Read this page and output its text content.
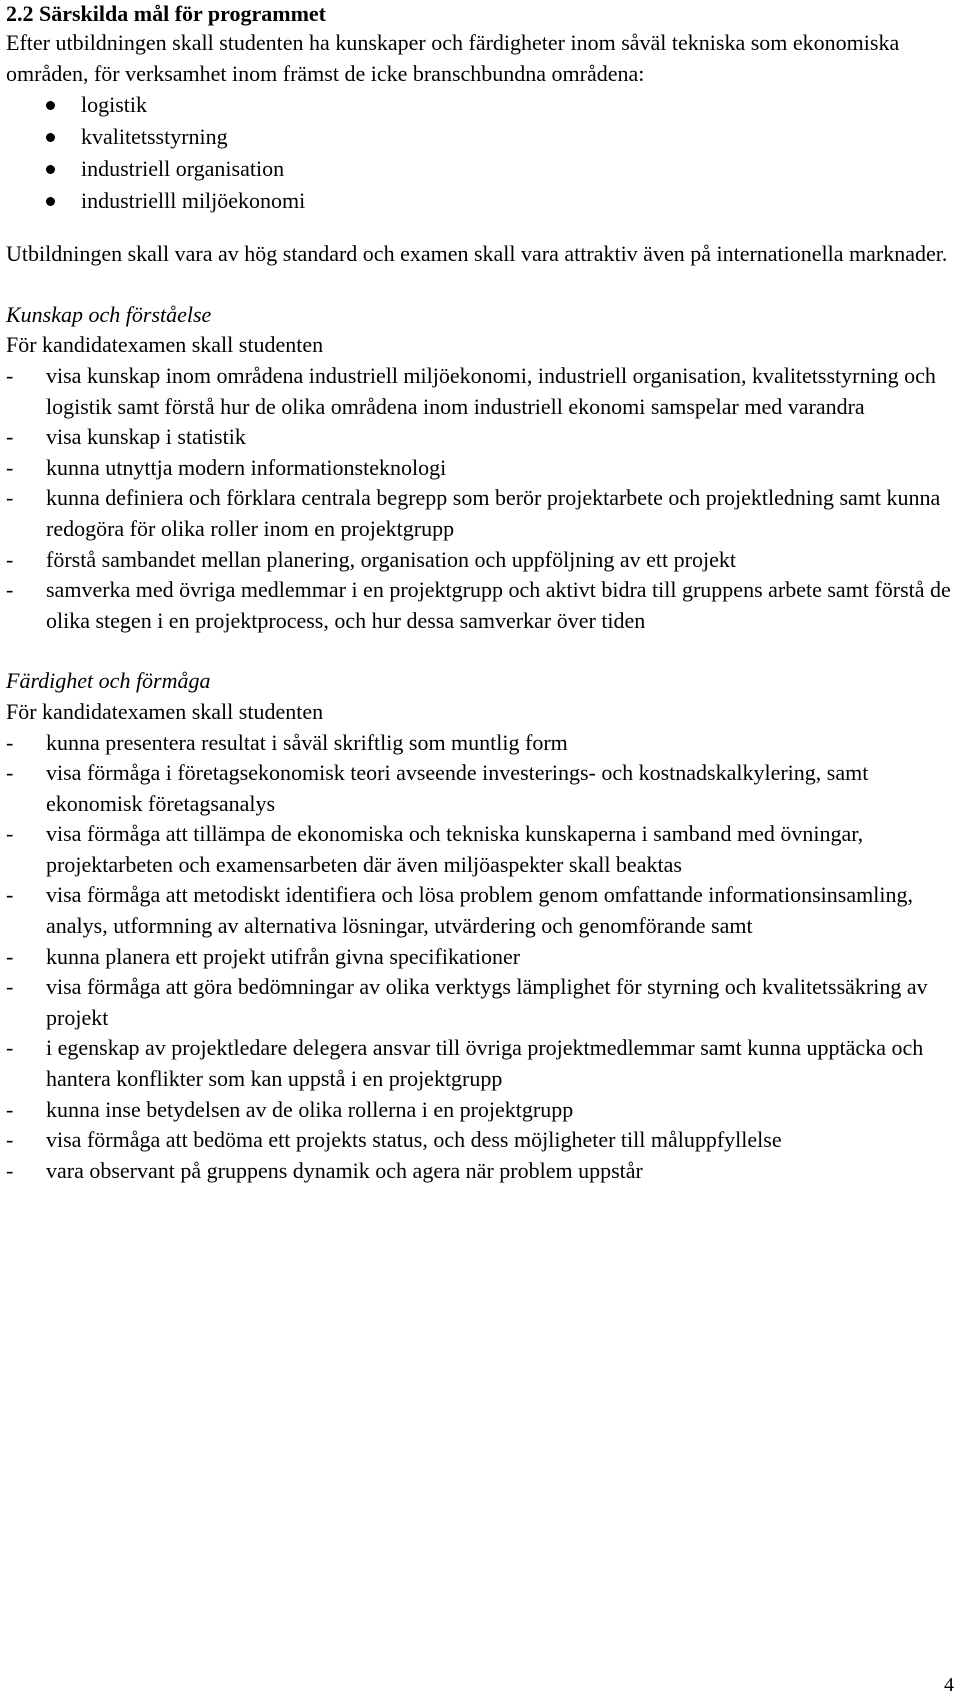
2.2 Särskilda mål för programmet

Efter utbildningen skall studenten ha kunskaper och färdigheter inom såväl tekniska som ekonomiska områden, för verksamhet inom främst de icke branschbundna områdena:

logistik
kvalitetsstyrning
industriell organisation
industrielll miljöekonomi

Utbildningen skall vara av hög standard och examen skall vara attraktiv även på internationella marknader.

Kunskap och förståelse

För kandidatexamen skall studenten

- visa kunskap inom områdena industriell miljöekonomi, industriell organisation, kvalitetsstyrning och logistik samt förstå hur de olika områdena inom industriell ekonomi samspelar med varandra
- visa kunskap i statistik
- kunna utnyttja modern informationsteknologi
- kunna definiera och förklara centrala begrepp som berör projektarbete och projektledning samt kunna redogöra för olika roller inom en projektgrupp
- förstå sambandet mellan planering, organisation och uppföljning av ett projekt
- samverka med övriga medlemmar i en projektgrupp och aktivt bidra till gruppens arbete samt förstå de olika stegen i en projektprocess, och hur dessa samverkar över tiden

Färdighet och förmåga

För kandidatexamen skall studenten

- kunna presentera resultat i såväl skriftlig som muntlig form
- visa förmåga i företagsekonomisk teori avseende investerings- och kostnadskalkylering, samt ekonomisk företagsanalys
- visa förmåga att tillämpa de ekonomiska och tekniska kunskaperna i samband med övningar, projektarbeten och examensarbeten där även miljöaspekter skall beaktas
- visa förmåga att metodiskt identifiera och lösa problem genom omfattande informationsinsamling, analys, utformning av alternativa lösningar, utvärdering och genomförande samt
- kunna planera ett projekt utifrån givna specifikationer
- visa förmåga att göra bedömningar av olika verktygs lämplighet för styrning och kvalitetssäkring av projekt
- i egenskap av projektledare delegera ansvar till övriga projektmedlemmar samt kunna upptäcka och hantera konflikter som kan uppstå i en projektgrupp
- kunna inse betydelsen av de olika rollerna i en projektgrupp
- visa förmåga att bedöma ett projekts status, och dess möjligheter till måluppfyllelse
- vara observant på gruppens dynamik och agera när problem uppstår
4
